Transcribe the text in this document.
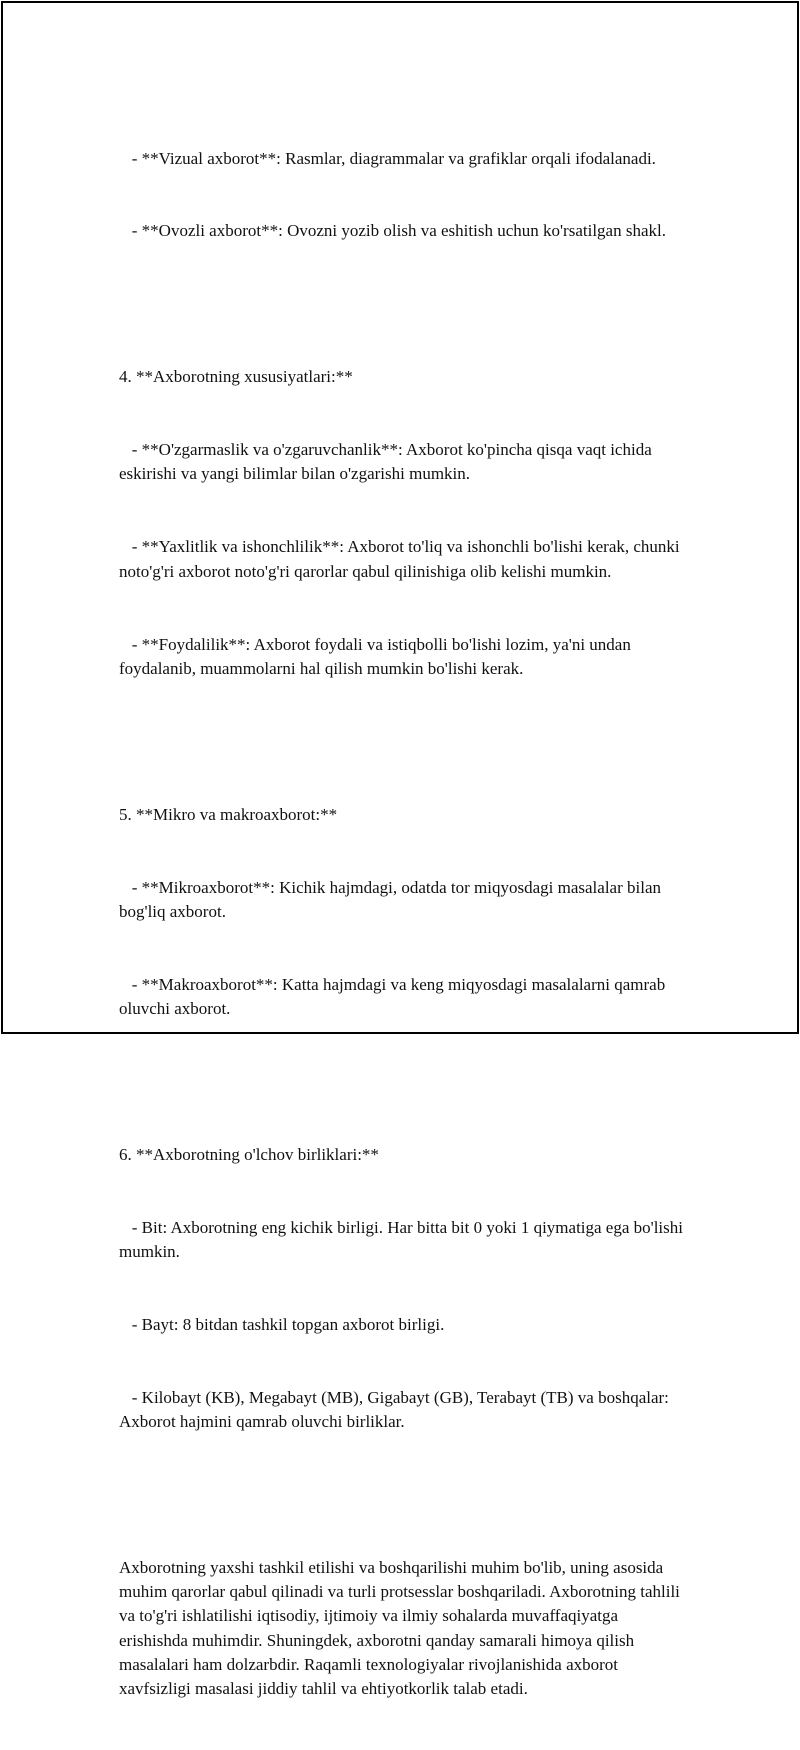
- **Vizual axborot**: Rasmlar, diagrammalar va grafiklar orqali ifodalanadi.

- **Ovozli axborot**: Ovozni yozib olish va eshitish uchun ko'rsatilgan shakl.

4. **Axborotning xususiyatlari:**

- **O'zgarmaslik va o'zgaruvchanlik**: Axborot ko'pincha qisqa vaqt ichida eskirishi va yangi bilimlar bilan o'zgarishi mumkin.

- **Yaxlitlik va ishonchlilik**: Axborot to'liq va ishonchli bo'lishi kerak, chunki noto'g'ri axborot noto'g'ri qarorlar qabul qilinishiga olib kelishi mumkin.

- **Foydalilik**: Axborot foydali va istiqbolli bo'lishi lozim, ya'ni undan foydalanib, muammolarni hal qilish mumkin bo'lishi kerak.

5. **Mikro va makroaxborot:**

- **Mikroaxborot**: Kichik hajmdagi, odatda tor miqyosdagi masalalar bilan bog'liq axborot.

- **Makroaxborot**: Katta hajmdagi va keng miqyosdagi masalalarni qamrab oluvchi axborot.

6. **Axborotning o'lchov birliklari:**

- Bit: Axborotning eng kichik birligi. Har bitta bit 0 yoki 1 qiymatiga ega bo'lishi mumkin.

- Bayt: 8 bitdan tashkil topgan axborot birligi.

- Kilobayt (KB), Megabayt (MB), Gigabayt (GB), Terabayt (TB) va boshqalar: Axborot hajmini qamrab oluvchi birliklar.

Axborotning yaxshi tashkil etilishi va boshqarilishi muhim bo'lib, uning asosida muhim qarorlar qabul qilinadi va turli protsesslar boshqariladi. Axborotning tahlili va to'g'ri ishlatilishi iqtisodiy, ijtimoiy va ilmiy sohalarda muvaffaqiyatga erishishda muhimdir. Shuningdek, axborotni qanday samarali himoya qilish masalalari ham dolzarbdir. Raqamli texnologiyalar rivojlanishida axborot xavfsizligi masalasi jiddiy tahlil va ehtiyotkorlik talab etadi.
